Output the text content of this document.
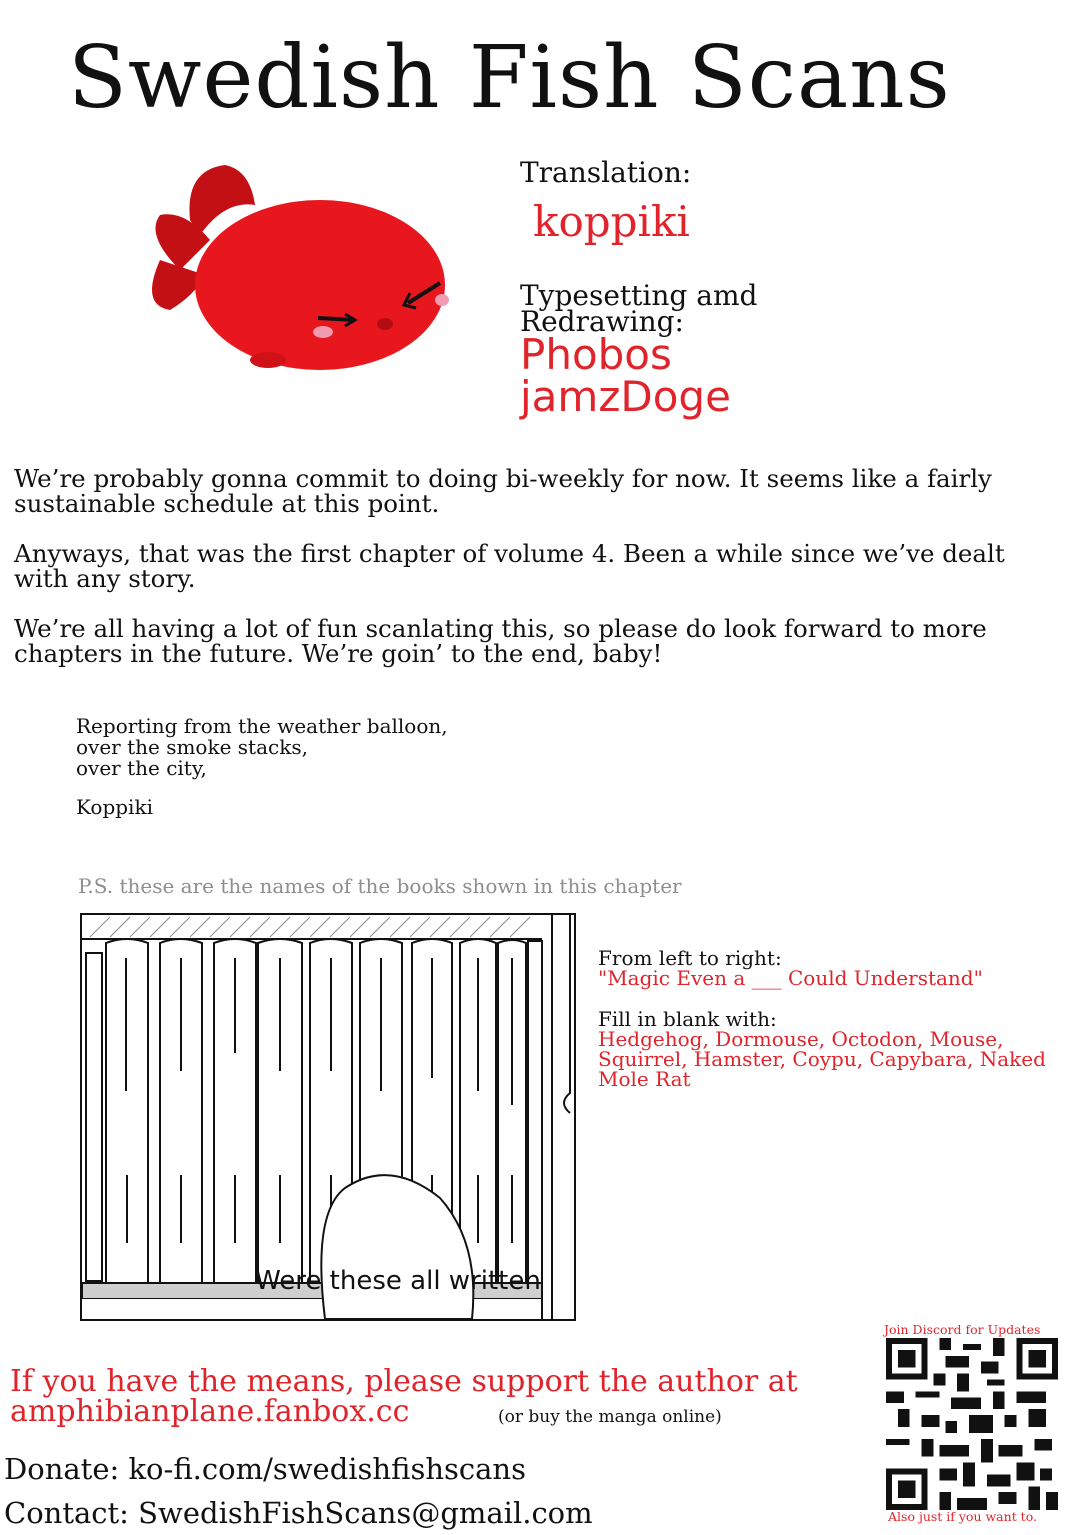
Swedish Fish Scans
Translation:
koppiki
Typesetting amd Redrawing:
Phobos
jamzDoge
We’re probably gonna commit to doing bi-weekly for now. It seems like a fairly sustainable schedule at this point.
Anyways, that was the first chapter of volume 4. Been a while since we’ve dealt with any story.
We’re all having a lot of fun scanlating this, so please do look forward to more chapters in the future. We’re goin’ to the end, baby!
Reporting from the weather balloon,
over the smoke stacks,
over the city,
Koppiki
P.S. these are the names of the books shown in this chapter
Were these all written
From left to right:
"Magic Even a ___ Could Understand"
Fill in blank with:
Hedgehog, Dormouse, Octodon, Mouse, Squirrel, Hamster, Coypu, Capybara, Naked Mole Rat
If you have the means, please support the author at
amphibianplane.fanbox.cc	(or buy the manga online)
Donate: ko-fi.com/swedishfishscans
Contact: SwedishFishScans@gmail.com
Join Discord for Updates
Also just if you want to.
